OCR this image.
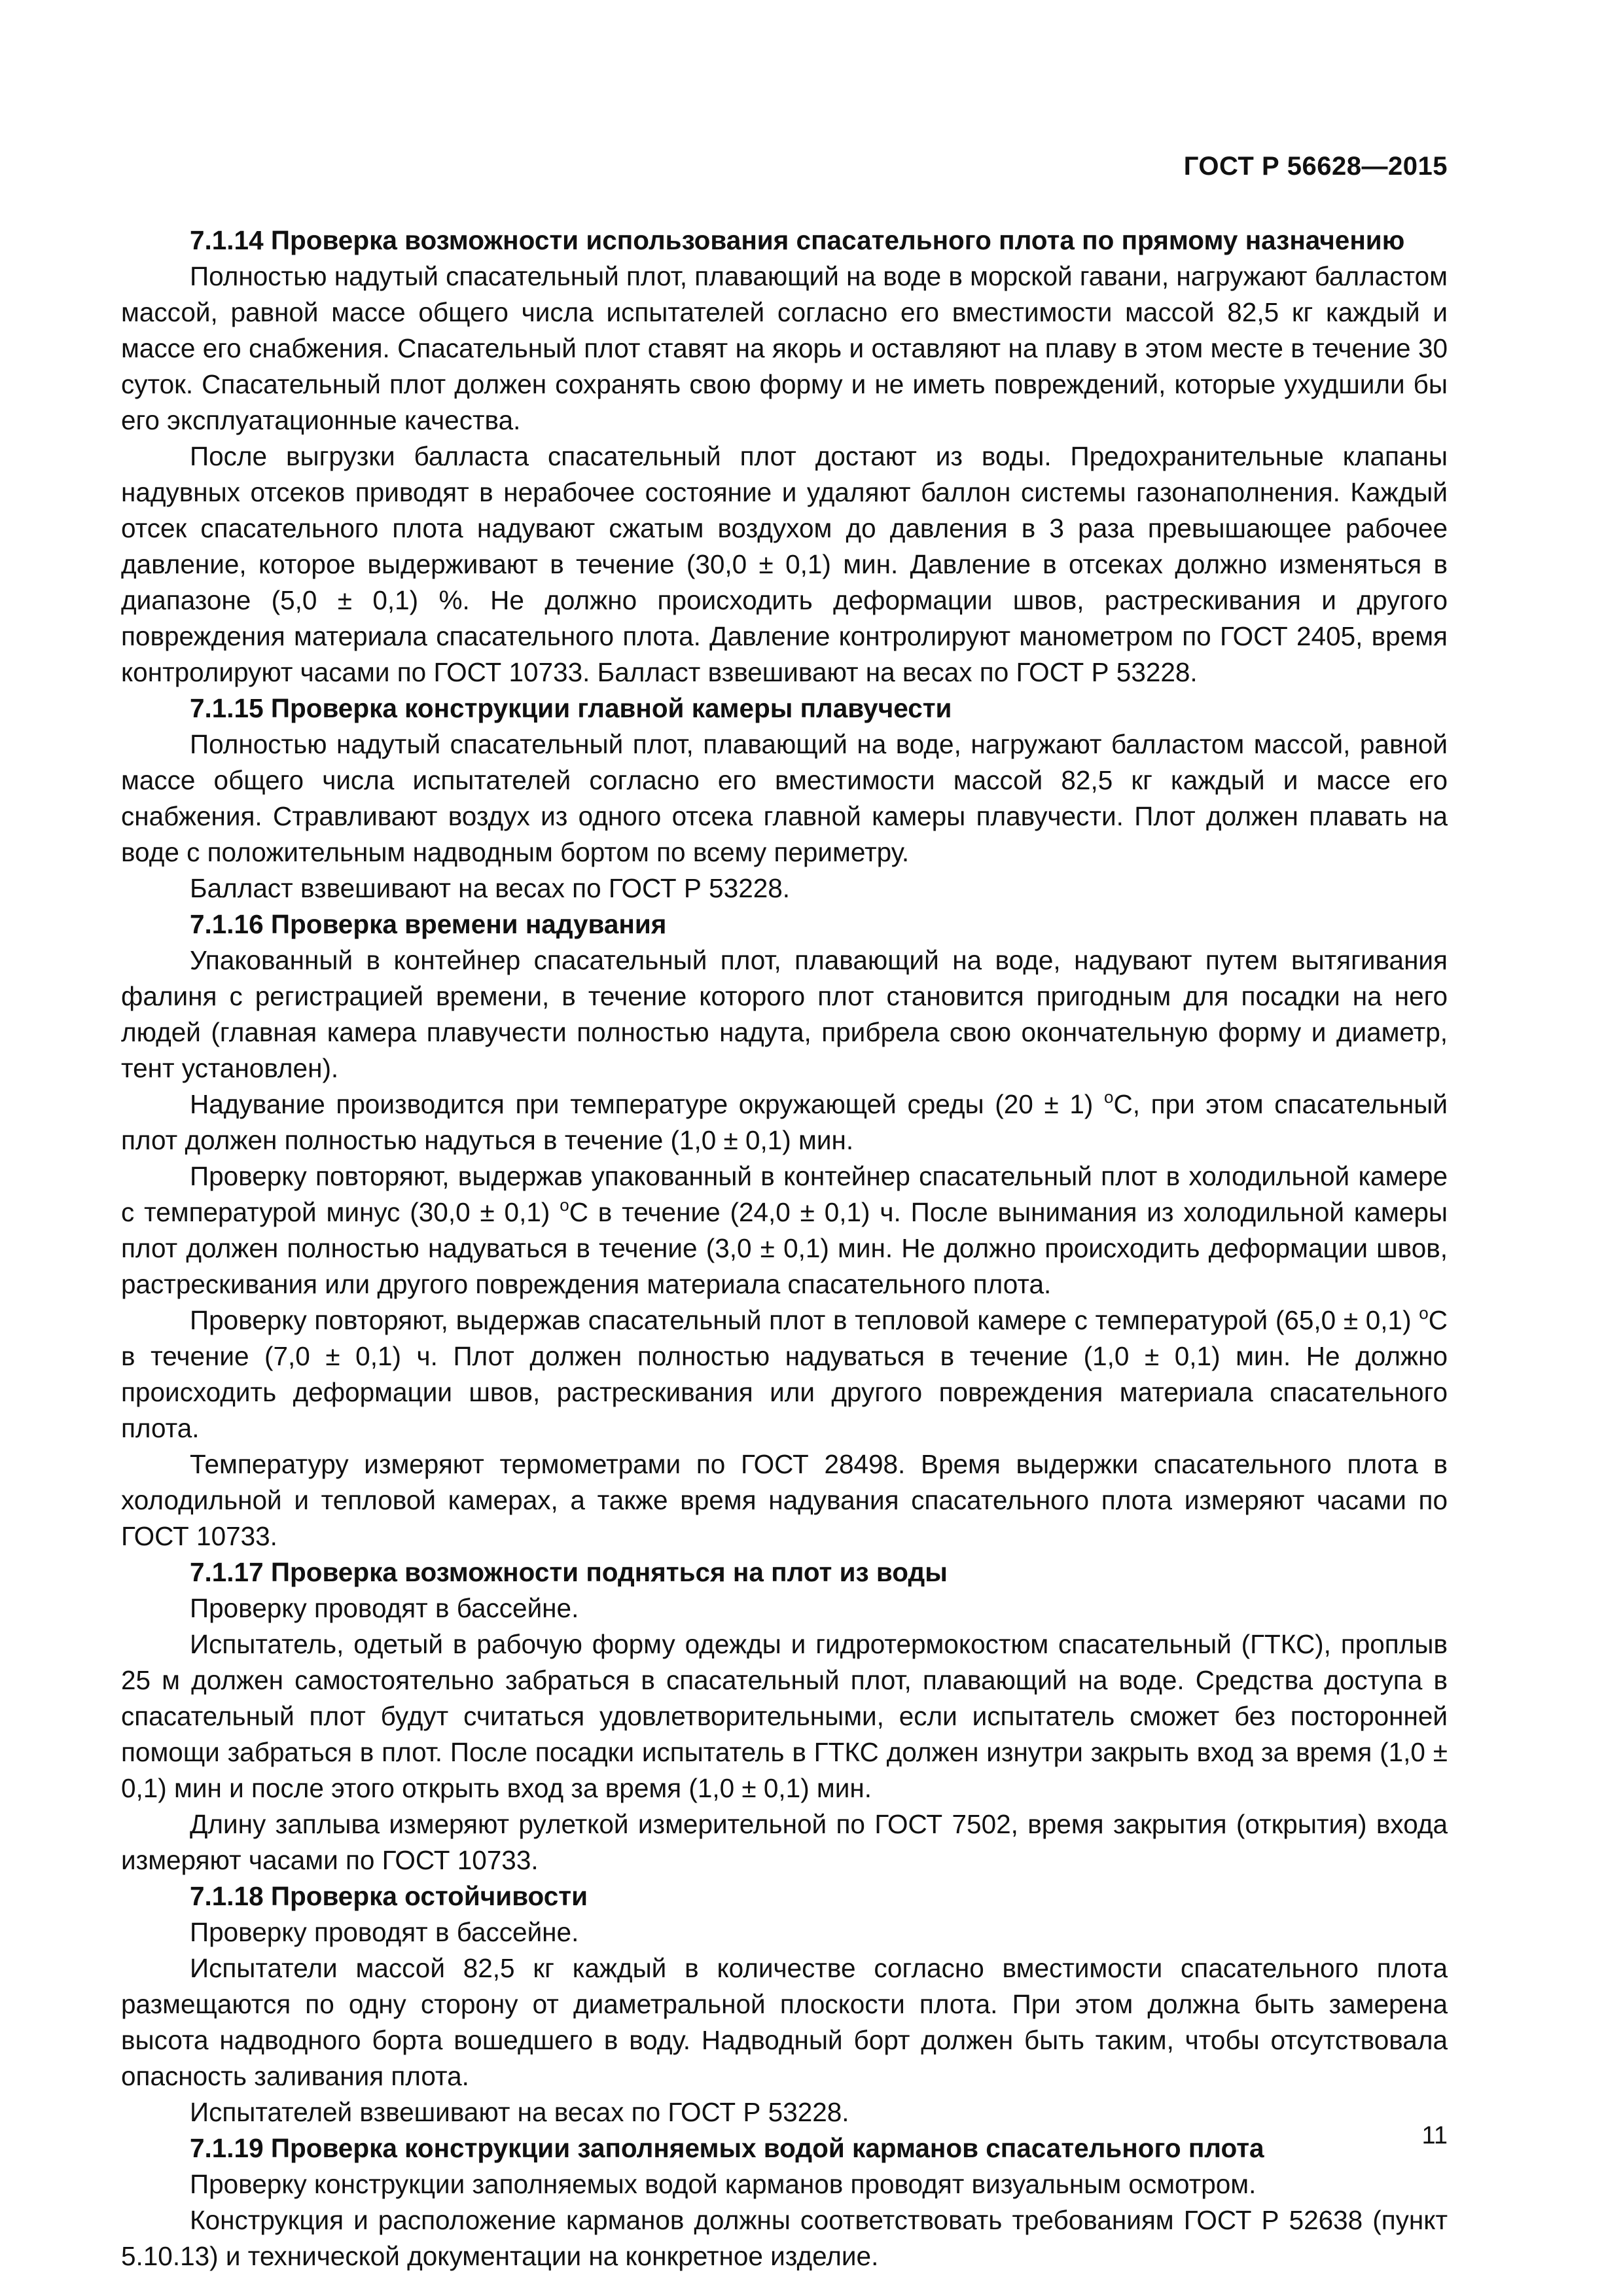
ГОСТ Р 56628—2015

7.1.14 Проверка возможности использования спасательного плота по прямому назначению

Полностью надутый спасательный плот, плавающий на воде в морской гавани, нагружают балластом массой, равной массе общего числа испытателей согласно его вместимости массой 82,5 кг каждый и массе его снабжения. Спасательный плот ставят на якорь и оставляют на плаву в этом месте в течение 30 суток. Спасательный плот должен сохранять свою форму и не иметь повреждений, которые ухудшили бы его эксплуатационные качества.

После выгрузки балласта спасательный плот достают из воды. Предохранительные клапаны надувных отсеков приводят в нерабочее состояние и удаляют баллон системы газонаполнения. Каждый отсек спасательного плота надувают сжатым воздухом до давления в 3 раза превышающее рабочее давление, которое выдерживают в течение (30,0 ± 0,1) мин. Давление в отсеках должно изменяться в диапазоне (5,0 ± 0,1) %. Не должно происходить деформации швов, растрескивания и другого повреждения материала спасательного плота. Давление контролируют манометром по ГОСТ 2405, время контролируют часами по ГОСТ 10733. Балласт взвешивают на весах по ГОСТ Р 53228.

7.1.15 Проверка конструкции главной камеры плавучести

Полностью надутый спасательный плот, плавающий на воде, нагружают балластом массой, равной массе общего числа испытателей согласно его вместимости массой 82,5 кг каждый и массе его снабжения. Стравливают воздух из одного отсека главной камеры плавучести. Плот должен плавать на воде с положительным надводным бортом по всему периметру.

Балласт взвешивают на весах по ГОСТ Р 53228.

7.1.16 Проверка времени надувания

Упакованный в контейнер спасательный плот, плавающий на воде, надувают путем вытягивания фалиня с регистрацией времени, в течение которого плот становится пригодным для посадки на него людей (главная камера плавучести полностью надута, прибрела свою окончательную форму и диаметр, тент установлен).

Надувание производится при температуре окружающей среды (20 ± 1) $^о$С, при этом спасательный плот должен полностью надуться в течение (1,0 ± 0,1) мин.

Проверку повторяют, выдержав упакованный в контейнер спасательный плот в холодильной камере с температурой минус (30,0 ± 0,1) $^о$С в течение (24,0 ± 0,1) ч. После вынимания из холодильной камеры плот должен полностью надуваться в течение (3,0 ± 0,1) мин. Не должно происходить деформации швов, растрескивания или другого повреждения материала спасательного плота.

Проверку повторяют, выдержав спасательный плот в тепловой камере с температурой (65,0 ± 0,1) $^о$С в течение (7,0 ± 0,1) ч. Плот должен полностью надуваться в течение (1,0 ± 0,1) мин. Не должно происходить деформации швов, растрескивания или другого повреждения материала спасательного плота.

Температуру измеряют термометрами по ГОСТ 28498. Время выдержки спасательного плота в холодильной и тепловой камерах, а также время надувания спасательного плота измеряют часами по ГОСТ 10733.

7.1.17 Проверка возможности подняться на плот из воды

Проверку проводят в бассейне.

Испытатель, одетый в рабочую форму одежды и гидротермокостюм спасательный (ГТКС), проплыв 25 м должен самостоятельно забраться в спасательный плот, плавающий на воде. Средства доступа в спасательный плот будут считаться удовлетворительными, если испытатель сможет без посторонней помощи забраться в плот. После посадки испытатель в ГТКС должен изнутри закрыть вход за время (1,0 ± 0,1) мин и после этого открыть вход за время (1,0 ± 0,1) мин.

Длину заплыва измеряют рулеткой измерительной по ГОСТ 7502, время закрытия (открытия) входа измеряют часами по ГОСТ 10733.

7.1.18 Проверка остойчивости

Проверку проводят в бассейне.

Испытатели массой 82,5 кг каждый в количестве согласно вместимости спасательного плота размещаются по одну сторону от диаметральной плоскости плота. При этом должна быть замерена высота надводного борта вошедшего в воду. Надводный борт должен быть таким, чтобы отсутствовала опасность заливания плота.

Испытателей взвешивают на весах по ГОСТ Р 53228.

7.1.19 Проверка конструкции заполняемых водой карманов спасательного плота

Проверку конструкции заполняемых водой карманов проводят визуальным осмотром.

Конструкция и расположение карманов должны соответствовать требованиям ГОСТ Р 52638 (пункт 5.10.13) и технической документации на конкретное изделие.

11
